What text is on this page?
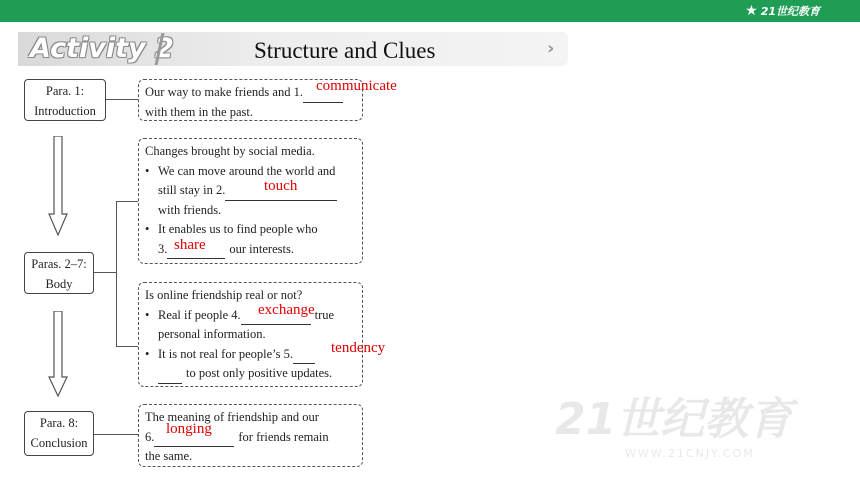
★ 21世纪教育
Activity 2	Structure and Clues	›
Para. 1:
Introduction
Paras. 2–7:
Body
Para. 8:
Conclusion
Our way to make friends and 1.
with them in the past.
communicate
Changes brought by social media.
• We can move around the world and
still stay in 2.
with friends.
• It enables us to find people who
3.	our interests.
touch
share
Is online friendship real or not?
• Real if people 4.	true
personal information.
• It is not real for people’s 5.
to post only positive updates.
exchange
tendency
The meaning of friendship and our
6.	for friends remain
the same.
longing	21世纪教育
WWW.21CNJY.COM
